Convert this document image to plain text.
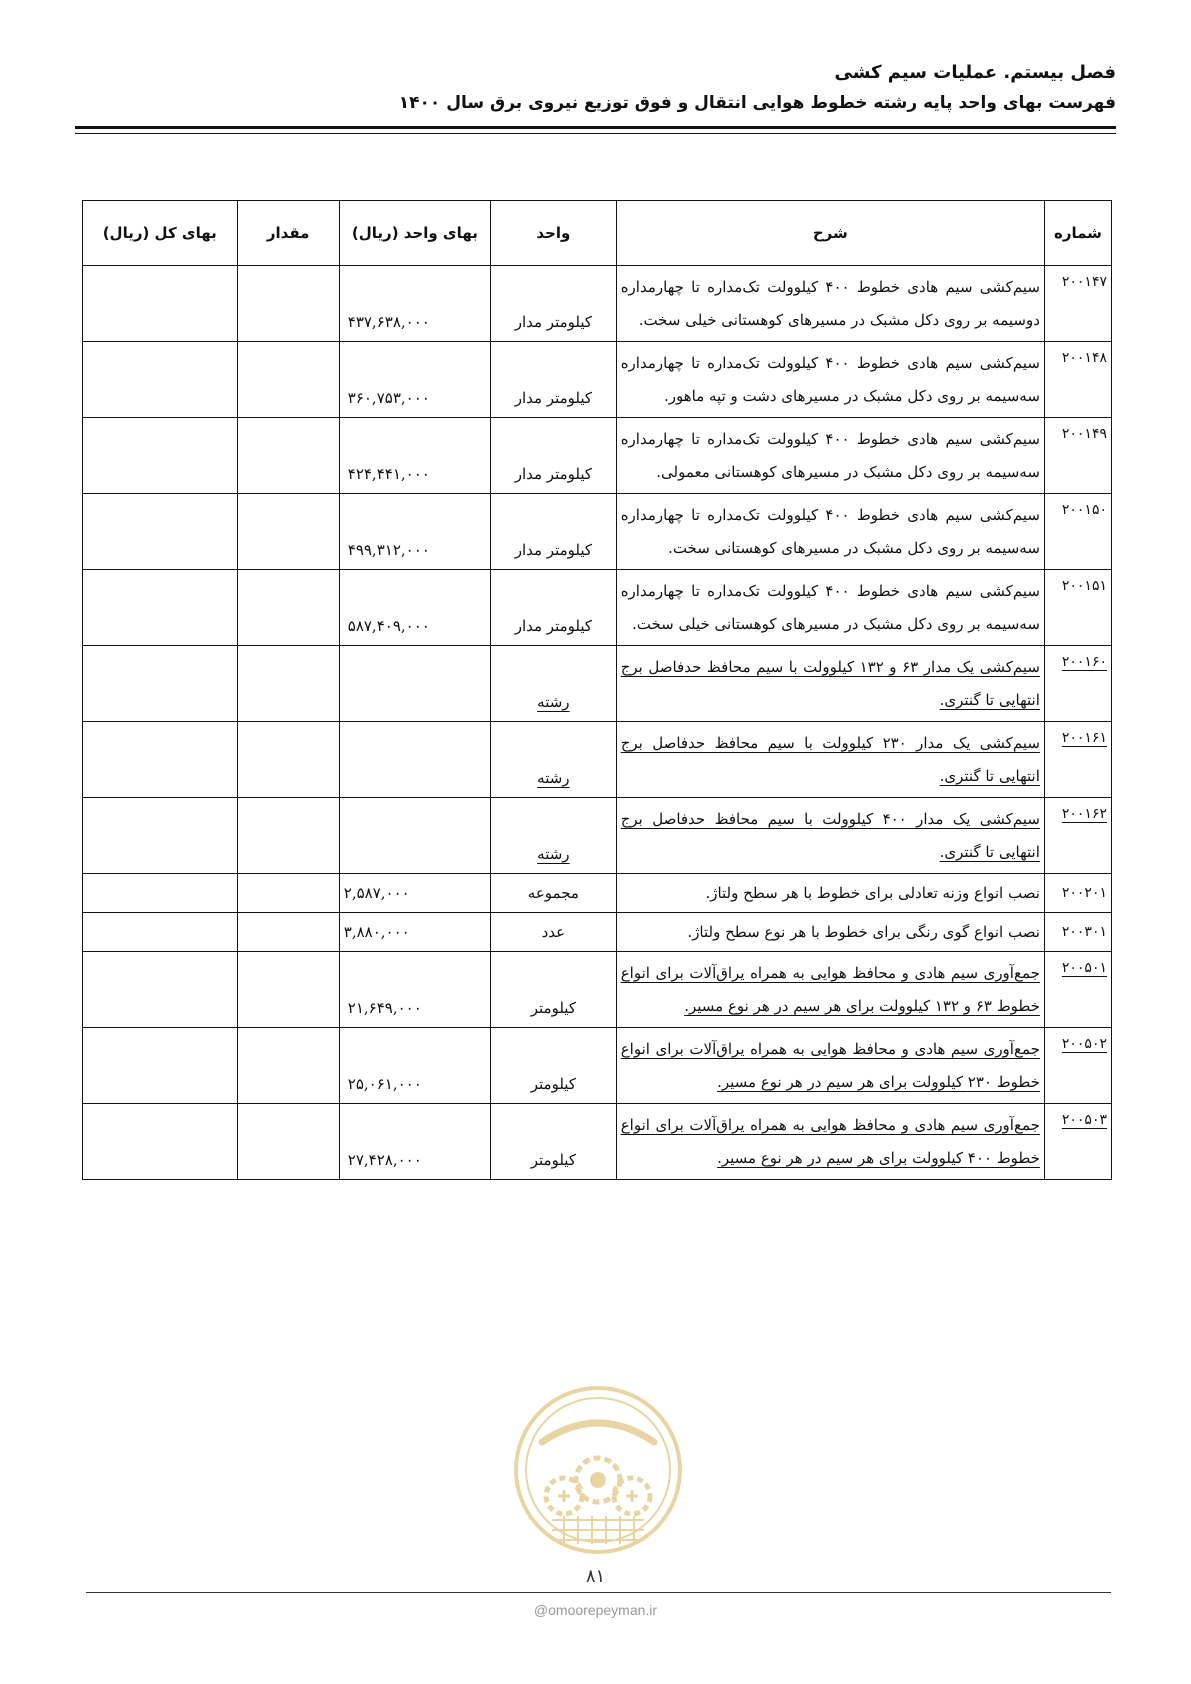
فصل بیستم. عملیات سیم کشی

فهرست بهای واحد پایه رشته خطوط هوایی انتقال و فوق توزیع نیروی برق سال ۱۴۰۰

شماره	شرح	واحد	بهای واحد (ریال)	مقدار	بهای کل (ریال)
۲۰۰۱۴۷	سیم‌کشی سیم هادی خطوط ۴۰۰ کیلوولت تک‌مداره تا چهارمداره دوسیمه بر روی دکل مشبک در مسیرهای کوهستانی خیلی سخت.	کیلومتر مدار	۴۳۷,۶۳۸,۰۰۰		
۲۰۰۱۴۸	سیم‌کشی سیم هادی خطوط ۴۰۰ کیلوولت تک‌مداره تا چهارمداره سه‌سیمه بر روی دکل مشبک در مسیرهای دشت و تپه ماهور.	کیلومتر مدار	۳۶۰,۷۵۳,۰۰۰		
۲۰۰۱۴۹	سیم‌کشی سیم هادی خطوط ۴۰۰ کیلوولت تک‌مداره تا چهارمداره سه‌سیمه بر روی دکل مشبک در مسیرهای کوهستانی معمولی.	کیلومتر مدار	۴۲۴,۴۴۱,۰۰۰		
۲۰۰۱۵۰	سیم‌کشی سیم هادی خطوط ۴۰۰ کیلوولت تک‌مداره تا چهارمداره سه‌سیمه بر روی دکل مشبک در مسیرهای کوهستانی سخت.	کیلومتر مدار	۴۹۹,۳۱۲,۰۰۰		
۲۰۰۱۵۱	سیم‌کشی سیم هادی خطوط ۴۰۰ کیلوولت تک‌مداره تا چهارمداره سه‌سیمه بر روی دکل مشبک در مسیرهای کوهستانی خیلی سخت.	کیلومتر مدار	۵۸۷,۴۰۹,۰۰۰		
۲۰۰۱۶۰	سیم‌کشی یک مدار ۶۳ و ۱۳۲ کیلوولت با سیم محافظ حدفاصل برج انتهایی تا گنتری.	رشته			
۲۰۰۱۶۱	سیم‌کشی یک مدار ۲۳۰ کیلوولت با سیم محافظ حدفاصل برج انتهایی تا گنتری.	رشته			
۲۰۰۱۶۲	سیم‌کشی یک مدار ۴۰۰ کیلوولت با سیم محافظ حدفاصل برج انتهایی تا گنتری.	رشته			
۲۰۰۲۰۱	نصب انواع وزنه تعادلی برای خطوط با هر سطح ولتاژ.	مجموعه	۲,۵۸۷,۰۰۰		
۲۰۰۳۰۱	نصب انواع گوی رنگی برای خطوط با هر نوع سطح ولتاژ.	عدد	۳,۸۸۰,۰۰۰		
۲۰۰۵۰۱	جمع‌آوری سیم هادی و محافظ هوایی به همراه یراق‌آلات برای انواع خطوط ۶۳ و ۱۳۲ کیلوولت برای هر سیم در هر نوع مسیر.	کیلومتر	۲۱,۶۴۹,۰۰۰		
۲۰۰۵۰۲	جمع‌آوری سیم هادی و محافظ هوایی به همراه یراق‌آلات برای انواع خطوط ۲۳۰ کیلوولت برای هر سیم در هر نوع مسیر.	کیلومتر	۲۵,۰۶۱,۰۰۰		
۲۰۰۵۰۳	جمع‌آوری سیم هادی و محافظ هوایی به همراه یراق‌آلات برای انواع خطوط ۴۰۰ کیلوولت برای هر سیم در هر نوع مسیر.	کیلومتر	۲۷,۴۲۸,۰۰۰		
۸۱
@omoorepeyman.ir
